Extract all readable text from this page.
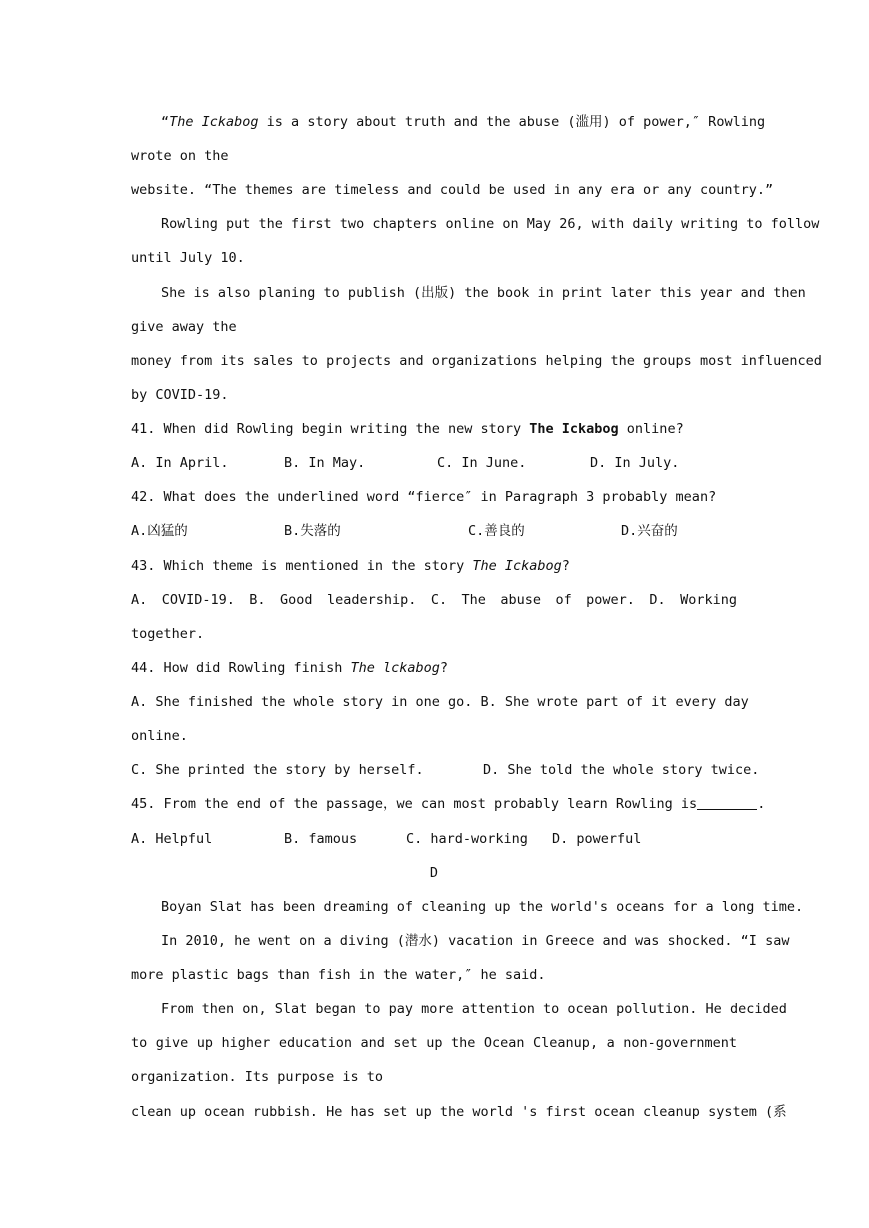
“The Ickabog is a story about truth and the abuse (滥用) of power,″ Rowling
wrote on the
website. “The themes are timeless and could be used in any era or any country.”
Rowling put the first two chapters online on May 26, with daily writing to follow
until July 10.
She is also planing to publish (出版) the book in print later this year and then
give away the
money from its sales to projects and organizations helping the groups most influenced
by COVID-19.
41. When did Rowling begin writing the new story The Ickabog online?
A. In April.	B. In May.	C. In June.	D. In July.
42. What does the underlined word “fierce″ in Paragraph 3 probably mean?
A.凶猛的	B.失落的	C.善良的	D.兴奋的
43. Which theme is mentioned in the story The Ickabog?
A. COVID-19. B. Good leadership. C. The abuse of power. D. Working
together.
44. How did Rowling finish The lckabog?
A. She finished the whole story in one go. B. She wrote part of it every day
online.
C. She printed the story by herself.	D. She told the whole story twice.
45. From the end of the passage，we can most probably learn Rowling is	.
A. Helpful	B. famous	C. hard-working D. powerful
D
Boyan Slat has been dreaming of cleaning up the world's oceans for a long time.
In 2010, he went on a diving (潜水) vacation in Greece and was shocked. “I saw
more plastic bags than fish in the water,″ he said.
From then on, Slat began to pay more attention to ocean pollution. He decided
to give up higher education and set up the Ocean Cleanup, a non-government
organization. Its purpose is to
clean up ocean rubbish. He has set up the world 's first ocean cleanup system (系
